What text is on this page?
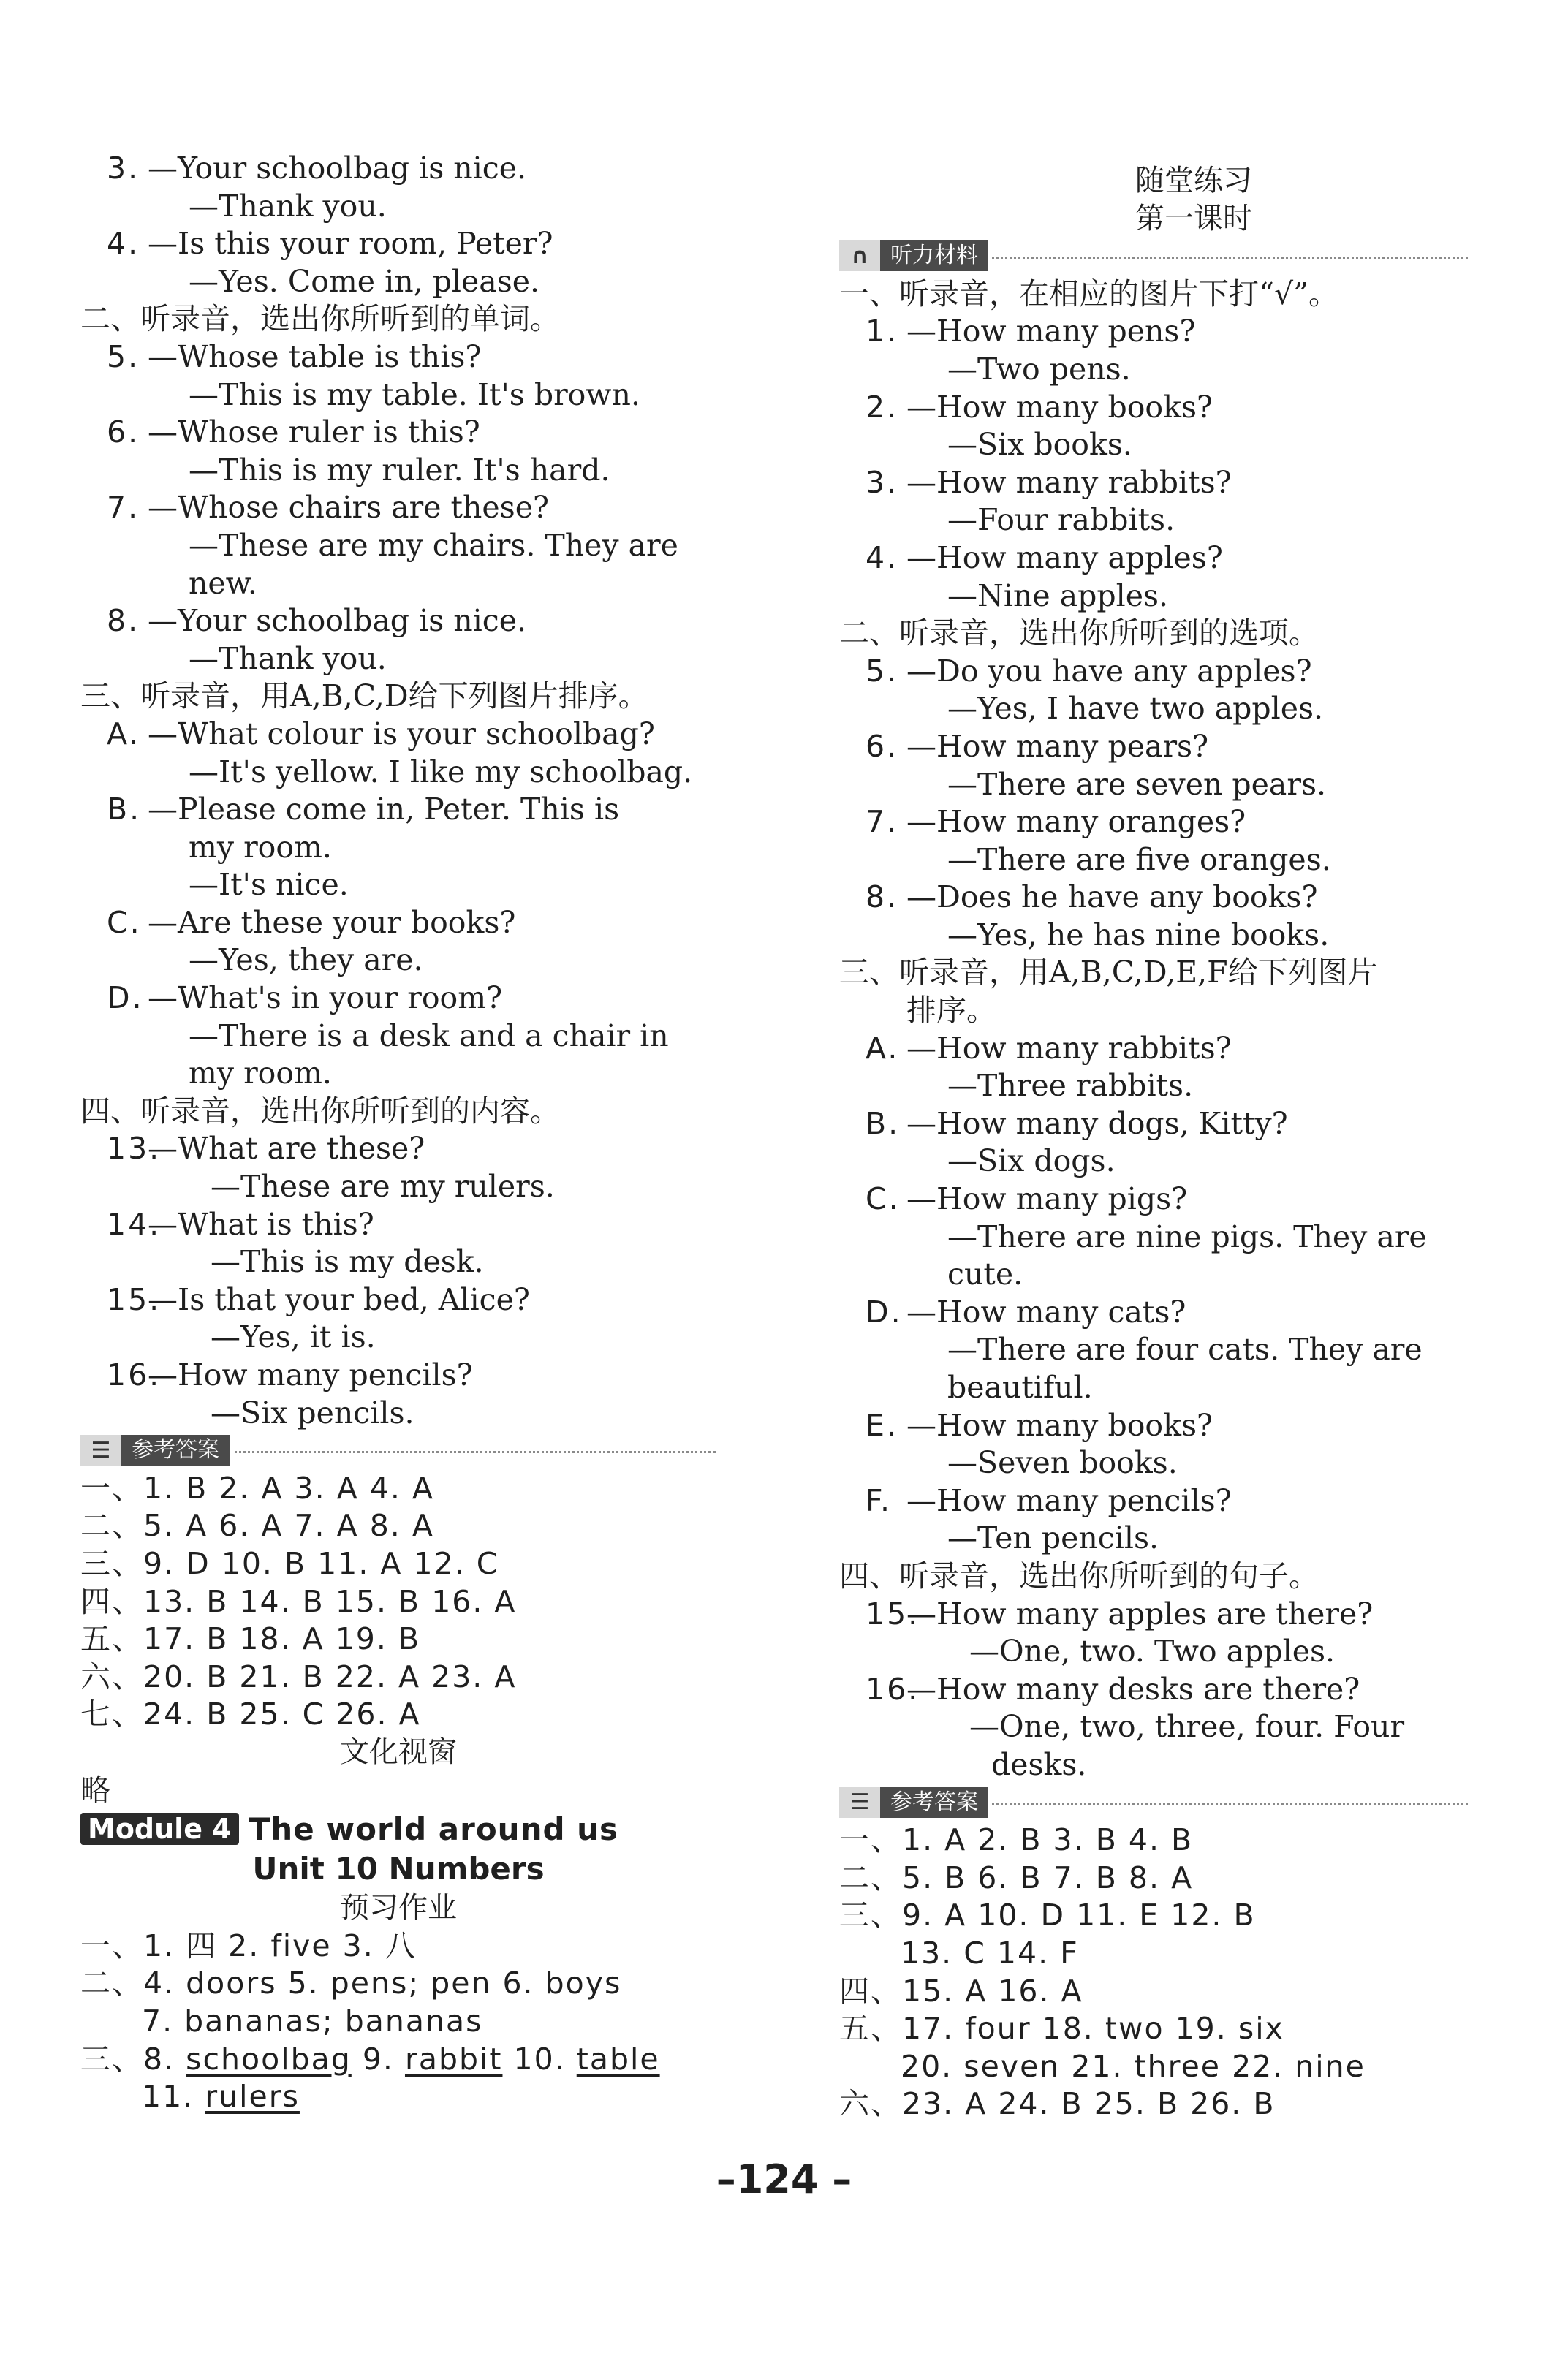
3. —Your schoolbag is nice.
—Thank you.
4. —Is this your room, Peter?
—Yes. Come in, please.
二、听录音，选出你所听到的单词。
5. —Whose table is this?
—This is my table. It's brown.
6. —Whose ruler is this?
—This is my ruler. It's hard.
7. —Whose chairs are these?
—These are my chairs. They are
new.
8. —Your schoolbag is nice.
—Thank you.
三、听录音，用A,B,C,D给下列图片排序。
A. —What colour is your schoolbag?
—It's yellow. I like my schoolbag.
B. —Please come in, Peter. This is
my room.
—It's nice.
C. —Are these your books?
—Yes, they are.
D. —What's in your room?
—There is a desk and a chair in
my room.
四、听录音，选出你所听到的内容。
13.—What are these?
—These are my rulers.
14.—What is this?
—This is my desk.
15.—Is that your bed, Alice?
—Yes, it is.
16.—How many pencils?
—Six pencils.
☰ 参考答案
一、1. B 2. A 3. A 4. A
二、5. A 6. A 7. A 8. A
三、9. D 10. B 11. A 12. C
四、13. B 14. B 15. B 16. A
五、17. B 18. A 19. B
六、20. B 21. B 22. A 23. A
七、24. B 25. C 26. A
文化视窗
略
Module 4 The world around us
Unit 10 Numbers
预习作业
一、1. 四 2. five 3. 八
二、4. doors 5. pens; pen 6. boys
7. bananas; bananas
三、8. schoolbag 9. rabbit 10. table
11. rulers
随堂练习
第一课时
∩ 听力材料
一、听录音，在相应的图片下打“√”。
1. —How many pens?
—Two pens.
2. —How many books?
—Six books.
3. —How many rabbits?
—Four rabbits.
4. —How many apples?
—Nine apples.
二、听录音，选出你所听到的选项。
5. —Do you have any apples?
—Yes, I have two apples.
6. —How many pears?
—There are seven pears.
7. —How many oranges?
—There are five oranges.
8. —Does he have any books?
—Yes, he has nine books.
三、听录音，用A,B,C,D,E,F给下列图片
排序。
A. —How many rabbits?
—Three rabbits.
B. —How many dogs, Kitty?
—Six dogs.
C. —How many pigs?
—There are nine pigs. They are
cute.
D. —How many cats?
—There are four cats. They are
beautiful.
E. —How many books?
—Seven books.
F. —How many pencils?
—Ten pencils.
四、听录音，选出你所听到的句子。
15.—How many apples are there?
—One, two. Two apples.
16.—How many desks are there?
—One, two, three, four. Four
desks.
☰ 参考答案
一、1. A 2. B 3. B 4. B
二、5. B 6. B 7. B 8. A
三、9. A 10. D 11. E 12. B
13. C 14. F
四、15. A 16. A
五、17. four 18. two 19. six
20. seven 21. three 22. nine
六、23. A 24. B 25. B 26. B
–124 –
